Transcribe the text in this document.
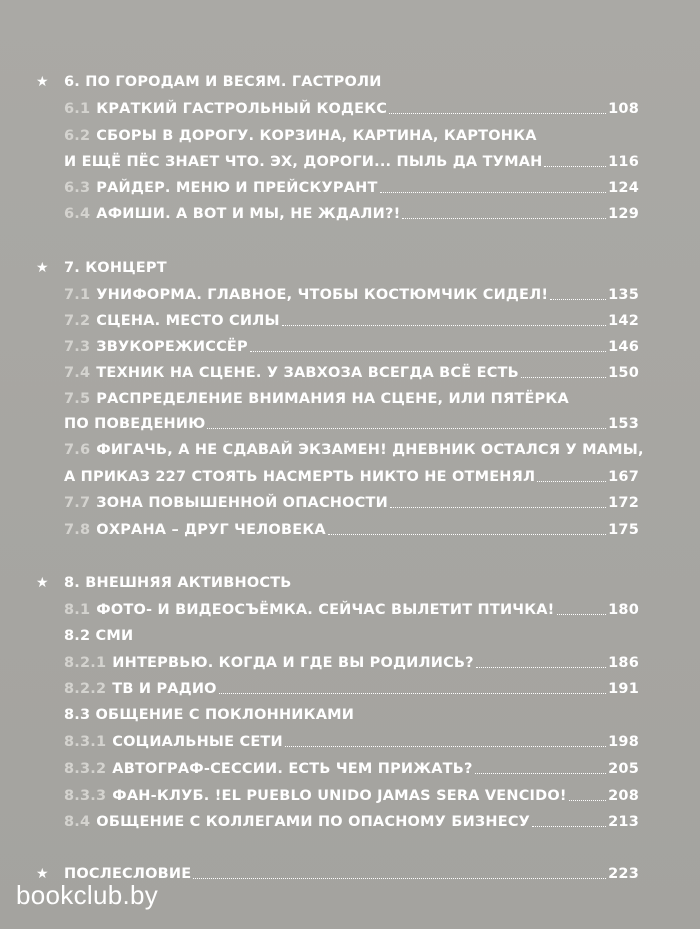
★ 6. ПО ГОРОДАМ И ВЕСЯМ. ГАСТРОЛИ
6.1 КРАТКИЙ ГАСТРОЛЬНЫЙ КОДЕКС	108
6.2 СБОРЫ В ДОРОГУ. КОРЗИНА, КАРТИНА, КАРТОНКА
И ЕЩЁ ПЁС ЗНАЕТ ЧТО. ЭХ, ДОРОГИ... ПЫЛЬ ДА ТУМАН	116
6.3 РАЙДЕР. МЕНЮ И ПРЕЙСКУРАНТ	124
6.4 АФИШИ. А ВОТ И МЫ, НЕ ЖДАЛИ?!	129
★ 7. КОНЦЕРТ
7.1 УНИФОРМА. ГЛАВНОЕ, ЧТОБЫ КОСТЮМЧИК СИДЕЛ!	135
7.2 СЦЕНА. МЕСТО СИЛЫ	142
7.3 ЗВУКОРЕЖИССЁР	146
7.4 ТЕХНИК НА СЦЕНЕ. У ЗАВХОЗА ВСЕГДА ВСЁ ЕСТЬ	150
7.5 РАСПРЕДЕЛЕНИЕ ВНИМАНИЯ НА СЦЕНЕ, ИЛИ ПЯТЁРКА
ПО ПОВЕДЕНИЮ	153
7.6 ФИГАЧЬ, А НЕ СДАВАЙ ЭКЗАМЕН! ДНЕВНИК ОСТАЛСЯ У МАМЫ,
А ПРИКАЗ 227 СТОЯТЬ НАСМЕРТЬ НИКТО НЕ ОТМЕНЯЛ	167
7.7 ЗОНА ПОВЫШЕННОЙ ОПАСНОСТИ	172
7.8 ОХРАНА – ДРУГ ЧЕЛОВЕКА	175
★ 8. ВНЕШНЯЯ АКТИВНОСТЬ
8.1 ФОТО- И ВИДЕОСЪЁМКА. СЕЙЧАС ВЫЛЕТИТ ПТИЧКА!	180
8.2 СМИ
8.2.1 ИНТЕРВЬЮ. КОГДА И ГДЕ ВЫ РОДИЛИСЬ?	186
8.2.2 ТВ И РАДИО	191
8.3 ОБЩЕНИЕ С ПОКЛОННИКАМИ
8.3.1 СОЦИАЛЬНЫЕ СЕТИ	198
8.3.2 АВТОГРАФ-СЕССИИ. ЕСТЬ ЧЕМ ПРИЖАТЬ?	205
8.3.3 ФАН-КЛУБ. !EL PUEBLO UNIDO JAMAS SERA VENCIDO!	208
8.4 ОБЩЕНИЕ С КОЛЛЕГАМИ ПО ОПАСНОМУ БИЗНЕСУ	213
★ ПОСЛЕСЛОВИЕ	223
bookclub.by
